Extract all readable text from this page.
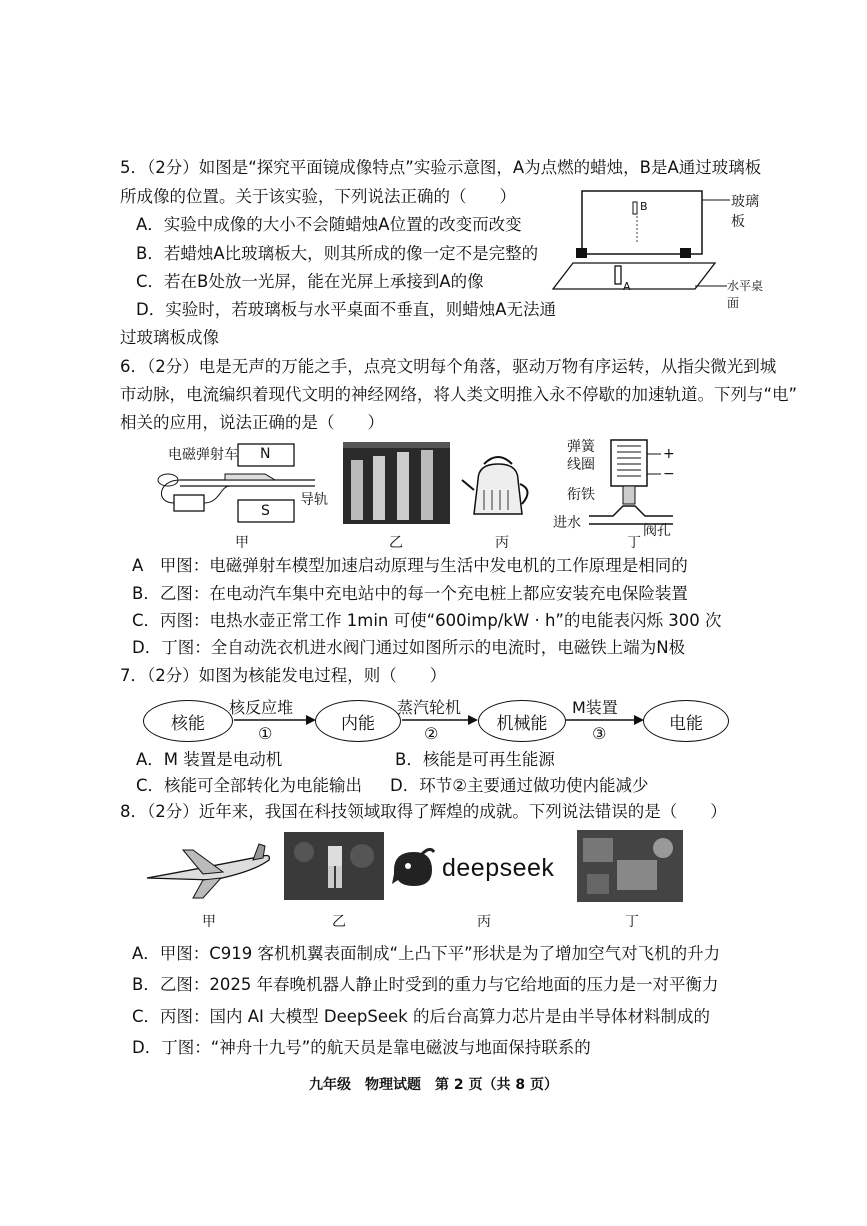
5．（2分）如图是“探究平面镜成像特点”实验示意图，A为点燃的蜡烛，B是A通过玻璃板
所成像的位置。关于该实验，下列说法正确的（　　）
A．实验中成像的大小不会随蜡烛A位置的改变而改变
B．若蜡烛A比玻璃板大，则其所成的像一定不是完整的
C．若在B处放一光屏，能在光屏上承接到A的像
D．实验时，若玻璃板与水平桌面不垂直，则蜡烛A无法通
过玻璃板成像
玻璃板
水平桌面
B
A
6．（2分）电是无声的万能之手，点亮文明每个角落，驱动万物有序运转，从指尖微光到城
市动脉，电流编织着现代文明的神经网络，将人类文明推入永不停歇的加速轨道。下列与“电”
相关的应用，说法正确的是（　　）
电磁弹射车 N
S
导轨
甲	乙	丙
弹簧
线圈
衔铁
进水	阀孔
+
−
丁
A　甲图：电磁弹射车模型加速启动原理与生活中发电机的工作原理是相同的
B．乙图：在电动汽车集中充电站中的每一个充电桩上都应安装充电保险装置
C．丙图：电热水壶正常工作 1min 可使“600imp/kW · h”的电能表闪烁 300 次
D．丁图：全自动洗衣机进水阀门通过如图所示的电流时，电磁铁上端为N极
7．（2分）如图为核能发电过程，则（　　）
核能	内能	机械能	电能
核反应堆
①
蒸汽轮机
②
M装置
③
A．M 装置是电动机	B．核能是可再生能源
C．核能可全部转化为电能输出 D．环节②主要通过做功使内能减少
8．（2分）近年来，我国在科技领域取得了辉煌的成就。下列说法错误的是（　　）
甲	乙
deepseek
丙	丁
A．甲图：C919 客机机翼表面制成“上凸下平”形状是为了增加空气对飞机的升力
B．乙图：2025 年春晚机器人静止时受到的重力与它给地面的压力是一对平衡力
C．丙图：国内 AI 大模型 DeepSeek 的后台高算力芯片是由半导体材料制成的
D．丁图：“神舟十九号”的航天员是靠电磁波与地面保持联系的
九年级　物理试题　第 2 页（共 8 页）
